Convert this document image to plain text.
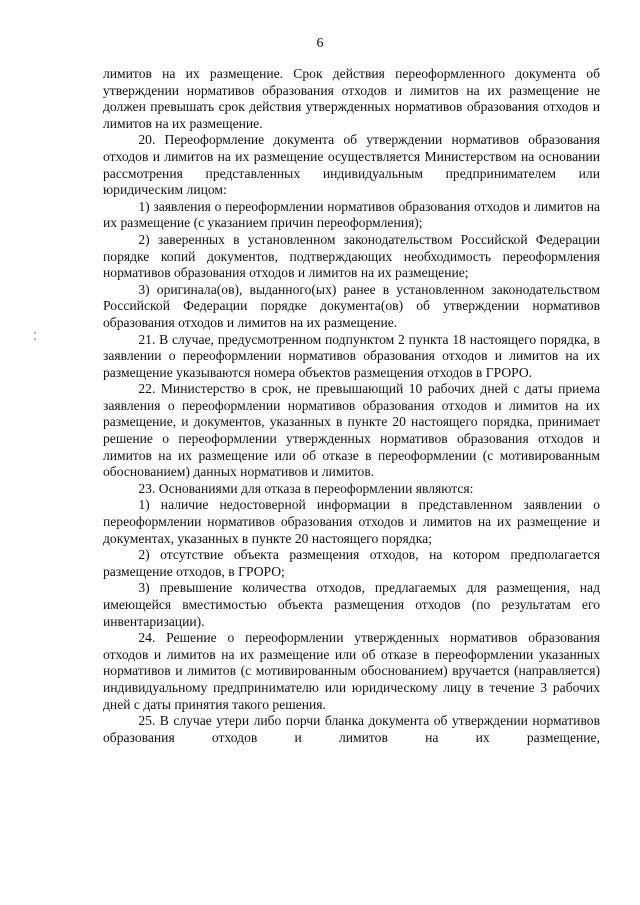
6

лимитов на их размещение. Срок действия переоформленного документа об утверждении нормативов образования отходов и лимитов на их размещение не должен превышать срок действия утвержденных нормативов образования отходов и лимитов на их размещение.

20. Переоформление документа об утверждении нормативов образования отходов и лимитов на их размещение осуществляется Министерством на основании рассмотрения представленных индивидуальным предпринимателем или юридическим лицом:

1) заявления о переоформлении нормативов образования отходов и лимитов на их размещение (с указанием причин переоформления);

2) заверенных в установленном законодательством Российской Федерации порядке копий документов, подтверждающих необходимость переоформления нормативов образования отходов и лимитов на их размещение;

3) оригинала(ов), выданного(ых) ранее в установленном законодательством Российской Федерации порядке документа(ов) об утверждении нормативов образования отходов и лимитов на их размещение.

21. В случае, предусмотренном подпунктом 2 пункта 18 настоящего порядка, в заявлении о переоформлении нормативов образования отходов и лимитов на их размещение указываются номера объектов размещения отходов в ГРОРО.

22. Министерство в срок, не превышающий 10 рабочих дней с даты приема заявления о переоформлении нормативов образования отходов и лимитов на их размещение, и документов, указанных в пункте 20 настоящего порядка, принимает решение о переоформлении утвержденных нормативов образования отходов и лимитов на их размещение или об отказе в переоформлении (с мотивированным обоснованием) данных нормативов и лимитов.

23. Основаниями для отказа в переоформлении являются:

1) наличие недостоверной информации в представленном заявлении о переоформлении нормативов образования отходов и лимитов на их размещение и документах, указанных в пункте 20 настоящего порядка;

2) отсутствие объекта размещения отходов, на котором предполагается размещение отходов, в ГРОРО;

3) превышение количества отходов, предлагаемых для размещения, над имеющейся вместимостью объекта размещения отходов (по результатам его инвентаризации).

24. Решение о переоформлении утвержденных нормативов образования отходов и лимитов на их размещение или об отказе в переоформлении указанных нормативов и лимитов (с мотивированным обоснованием) вручается (направляется) индивидуальному предпринимателю или юридическому лицу в течение 3 рабочих дней с даты принятия такого решения.

25. В случае утери либо порчи бланка документа об утверждении нормативов образования отходов и лимитов на их размещение,
